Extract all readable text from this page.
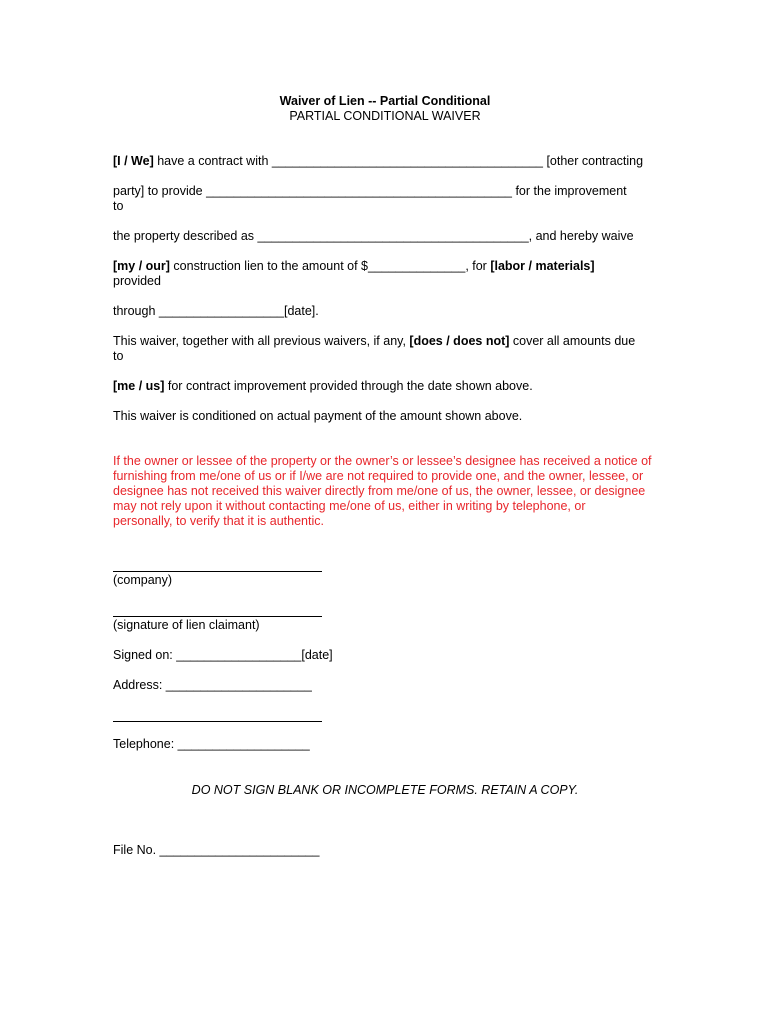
Waiver of Lien -- Partial Conditional
PARTIAL CONDITIONAL WAIVER
[I / We] have a contract with _______________________________________ [other contracting
party] to provide ____________________________________________ for the improvement
to
the property described as _______________________________________, and hereby waive
[my / our] construction lien to the amount of $______________, for [labor / materials]
provided
through __________________[date].
This waiver, together with all previous waivers, if any, [does / does not] cover all amounts due
to
[me / us] for contract improvement provided through the date shown above.
This waiver is conditioned on actual payment of the amount shown above.
If the owner or lessee of the property or the owner’s or lessee’s designee has received a notice of
furnishing from me/one of us or if I/we are not required to provide one, and the owner, lessee, or
designee has not received this waiver directly from me/one of us, the owner, lessee, or designee
may not rely upon it without contacting me/one of us, either in writing by telephone, or
personally, to verify that it is authentic.
(company)
(signature of lien claimant)
Signed on: __________________[date]
Address: _____________________
Telephone: ___________________
DO NOT SIGN BLANK OR INCOMPLETE FORMS. RETAIN A COPY.
File No. _______________________
